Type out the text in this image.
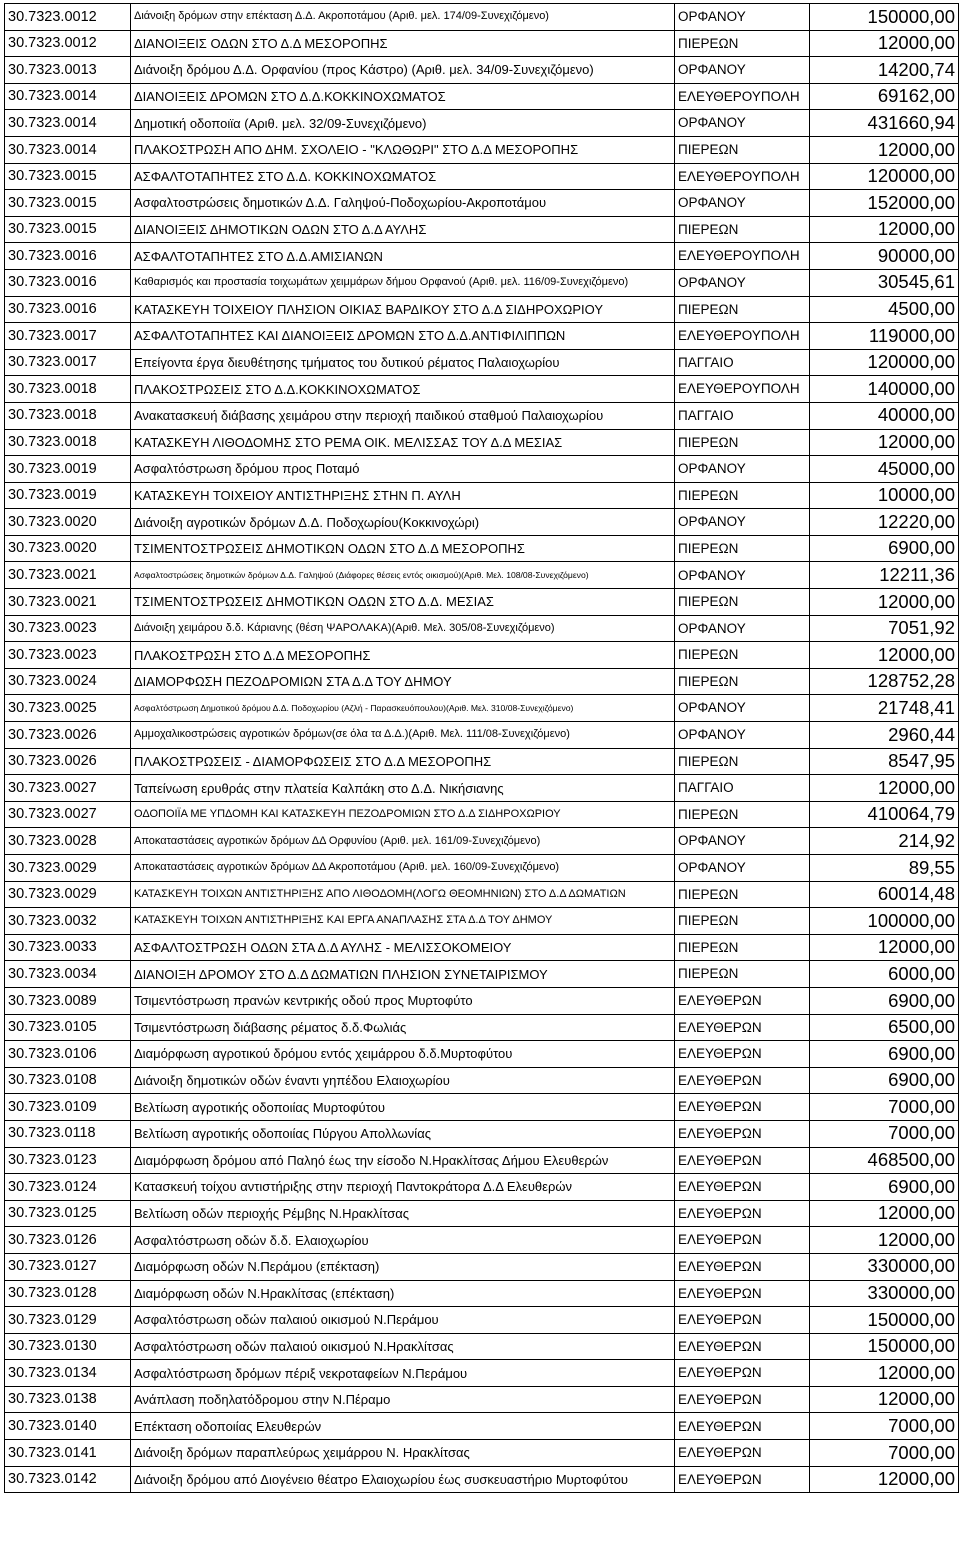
30.7323.0012	Διάνοιξη δρόμων στην επέκταση Δ.Δ. Ακροποτάμου (Αριθ. μελ. 174/09-Συνεχιζόμενο)	ΟΡΦΑΝΟΥ	150000,00
30.7323.0012	ΔΙΑΝΟΙΞΕΙΣ ΟΔΩΝ ΣΤΟ Δ.Δ ΜΕΣΟΡΟΠΗΣ	ΠΙΕΡΕΩΝ	12000,00
30.7323.0013	Διάνοιξη δρόμου Δ.Δ. Ορφανίου (προς Κάστρο) (Αριθ. μελ. 34/09-Συνεχιζόμενο)	ΟΡΦΑΝΟΥ	14200,74
30.7323.0014	ΔΙΑΝΟΙΞΕΙΣ ΔΡΟΜΩΝ ΣΤΟ Δ.Δ.ΚΟΚΚΙΝΟΧΩΜΑΤΟΣ	ΕΛΕΥΘΕΡΟΥΠΟΛΗ	69162,00
30.7323.0014	Δημοτική οδοποιϊα (Αριθ. μελ. 32/09-Συνεχιζόμενο)	ΟΡΦΑΝΟΥ	431660,94
30.7323.0014	ΠΛΑΚΟΣΤΡΩΣΗ ΑΠΟ ΔΗΜ. ΣΧΟΛΕΙΟ - "ΚΛΩΘΩΡΙ" ΣΤΟ Δ.Δ ΜΕΣΟΡΟΠΗΣ	ΠΙΕΡΕΩΝ	12000,00
30.7323.0015	ΑΣΦΑΛΤΟΤΑΠΗΤΕΣ ΣΤΟ Δ.Δ. ΚΟΚΚΙΝΟΧΩΜΑΤΟΣ	ΕΛΕΥΘΕΡΟΥΠΟΛΗ	120000,00
30.7323.0015	Ασφαλτοστρώσεις δημοτικών Δ.Δ. Γαληψού-Ποδοχωρίου-Ακροποτάμου	ΟΡΦΑΝΟΥ	152000,00
30.7323.0015	ΔΙΑΝΟΙΞΕΙΣ ΔΗΜΟΤΙΚΩΝ ΟΔΩΝ ΣΤΟ Δ.Δ ΑΥΛΗΣ	ΠΙΕΡΕΩΝ	12000,00
30.7323.0016	ΑΣΦΑΛΤΟΤΑΠΗΤΕΣ ΣΤΟ Δ.Δ.ΑΜΙΣΙΑΝΩΝ	ΕΛΕΥΘΕΡΟΥΠΟΛΗ	90000,00
30.7323.0016	Καθαρισμός και προστασία τοιχωμάτων χειμμάρων δήμου Ορφανού (Αριθ. μελ. 116/09-Συνεχιζόμενο)	ΟΡΦΑΝΟΥ	30545,61
30.7323.0016	ΚΑΤΑΣΚΕΥΗ ΤΟΙΧΕΙΟΥ ΠΛΗΣΙΟΝ ΟΙΚΙΑΣ ΒΑΡΔΙΚΟΥ ΣΤΟ Δ.Δ ΣΙΔΗΡΟΧΩΡΙΟΥ	ΠΙΕΡΕΩΝ	4500,00
30.7323.0017	ΑΣΦΑΛΤΟΤΑΠΗΤΕΣ ΚΑΙ ΔΙΑΝΟΙΞΕΙΣ ΔΡΟΜΩΝ ΣΤΟ Δ.Δ.ΑΝΤΙΦΙΛΙΠΠΩΝ	ΕΛΕΥΘΕΡΟΥΠΟΛΗ	119000,00
30.7323.0017	Επείγοντα έργα διευθέτησης τμήματος του δυτικού ρέματος Παλαιοχωρίου	ΠΑΓΓΑΙΟ	120000,00
30.7323.0018	ΠΛΑΚΟΣΤΡΩΣΕΙΣ ΣΤΟ Δ.Δ.ΚΟΚΚΙΝΟΧΩΜΑΤΟΣ	ΕΛΕΥΘΕΡΟΥΠΟΛΗ	140000,00
30.7323.0018	Ανακατασκευή διάβασης χειμάρου στην περιοχή παιδικού σταθμού Παλαιοχωρίου	ΠΑΓΓΑΙΟ	40000,00
30.7323.0018	ΚΑΤΑΣΚΕΥΗ ΛΙΘΟΔΟΜΗΣ ΣΤΟ ΡΕΜΑ ΟΙΚ. ΜΕΛΙΣΣΑΣ ΤΟΥ Δ.Δ ΜΕΣΙΑΣ	ΠΙΕΡΕΩΝ	12000,00
30.7323.0019	Ασφαλτόστρωση δρόμου προς Ποταμό	ΟΡΦΑΝΟΥ	45000,00
30.7323.0019	ΚΑΤΑΣΚΕΥΗ ΤΟΙΧΕΙΟΥ ΑΝΤΙΣΤΗΡΙΞΗΣ ΣΤΗΝ Π. ΑΥΛΗ	ΠΙΕΡΕΩΝ	10000,00
30.7323.0020	Διάνοιξη αγροτικών δρόμων Δ.Δ. Ποδοχωρίου(Κοκκινοχώρι)	ΟΡΦΑΝΟΥ	12220,00
30.7323.0020	ΤΣΙΜΕΝΤΟΣΤΡΩΣΕΙΣ ΔΗΜΟΤΙΚΩΝ ΟΔΩΝ ΣΤΟ Δ.Δ ΜΕΣΟΡΟΠΗΣ	ΠΙΕΡΕΩΝ	6900,00
30.7323.0021	Ασφαλτοστρώσεις δημοτικών δρόμων Δ.Δ. Γαληψού (Διάφορες θέσεις εντός οικισμού)(Αριθ. Μελ. 108/08-Συνεχιζόμενο)	ΟΡΦΑΝΟΥ	12211,36
30.7323.0021	ΤΣΙΜΕΝΤΟΣΤΡΩΣΕΙΣ ΔΗΜΟΤΙΚΩΝ ΟΔΩΝ ΣΤΟ Δ.Δ. ΜΕΣΙΑΣ	ΠΙΕΡΕΩΝ	12000,00
30.7323.0023	Διάνοιξη χειμάρου δ.δ. Κάριανης (θέση ΨΑΡΟΛΑΚΑ)(Αριθ. Μελ. 305/08-Συνεχιζόμενο)	ΟΡΦΑΝΟΥ	7051,92
30.7323.0023	ΠΛΑΚΟΣΤΡΩΣΗ ΣΤΟ Δ.Δ ΜΕΣΟΡΟΠΗΣ	ΠΙΕΡΕΩΝ	12000,00
30.7323.0024	ΔΙΑΜΟΡΦΩΣΗ ΠΕΖΟΔΡΟΜΙΩΝ ΣΤΑ Δ.Δ ΤΟΥ ΔΗΜΟΥ	ΠΙΕΡΕΩΝ	128752,28
30.7323.0025	Ασφαλτόστρωση Δημοτικού δρόμου Δ.Δ. Ποδοχωρίου (Αζλή - Παρασκευόπουλου)(Αριθ. Μελ. 310/08-Συνεχιζόμενο)	ΟΡΦΑΝΟΥ	21748,41
30.7323.0026	Αμμοχαλικοστρώσεις αγροτικών δρόμων(σε όλα τα Δ.Δ.)(Αριθ. Μελ. 111/08-Συνεχιζόμενο)	ΟΡΦΑΝΟΥ	2960,44
30.7323.0026	ΠΛΑΚΟΣΤΡΩΣΕΙΣ - ΔΙΑΜΟΡΦΩΣΕΙΣ ΣΤΟ Δ.Δ ΜΕΣΟΡΟΠΗΣ	ΠΙΕΡΕΩΝ	8547,95
30.7323.0027	Ταπείνωση ερυθράς στην πλατεία Καλπάκη στο Δ.Δ. Νικήσιανης	ΠΑΓΓΑΙΟ	12000,00
30.7323.0027	ΟΔΟΠΟΙΪΑ ΜΕ ΥΠΔΟΜΗ ΚΑΙ ΚΑΤΑΣΚΕΥΗ ΠΕΖΟΔΡΟΜΙΩΝ ΣΤΟ Δ.Δ ΣΙΔΗΡΟΧΩΡΙΟΥ	ΠΙΕΡΕΩΝ	410064,79
30.7323.0028	Αποκαταστάσεις αγροτικών δρόμων ΔΔ Ορφυνίου (Αριθ. μελ. 161/09-Συνεχιζόμενο)	ΟΡΦΑΝΟΥ	214,92
30.7323.0029	Αποκαταστάσεις αγροτικών δρόμων ΔΔ Ακροποτάμου (Αριθ. μελ. 160/09-Συνεχιζόμενο)	ΟΡΦΑΝΟΥ	89,55
30.7323.0029	ΚΑΤΑΣΚΕΥΗ ΤΟΙΧΩΝ ΑΝΤΙΣΤΗΡΙΞΗΣ ΑΠΟ ΛΙΘΟΔΟΜΗ(ΛΟΓΩ ΘΕΟΜΗΝΙΩΝ) ΣΤΟ Δ.Δ ΔΩΜΑΤΙΩΝ	ΠΙΕΡΕΩΝ	60014,48
30.7323.0032	ΚΑΤΑΣΚΕΥΗ ΤΟΙΧΩΝ ΑΝΤΙΣΤΗΡΙΞΗΣ ΚΑΙ ΕΡΓΑ ΑΝΑΠΛΑΣΗΣ ΣΤΑ Δ.Δ ΤΟΥ ΔΗΜΟΥ	ΠΙΕΡΕΩΝ	100000,00
30.7323.0033	ΑΣΦΑΛΤΟΣΤΡΩΣΗ ΟΔΩΝ ΣΤΑ Δ.Δ ΑΥΛΗΣ - ΜΕΛΙΣΣΟΚΟΜΕΙΟΥ	ΠΙΕΡΕΩΝ	12000,00
30.7323.0034	ΔΙΑΝΟΙΞΗ ΔΡΟΜΟΥ ΣΤΟ Δ.Δ ΔΩΜΑΤΙΩΝ ΠΛΗΣΙΟΝ ΣΥΝΕΤΑΙΡΙΣΜΟΥ	ΠΙΕΡΕΩΝ	6000,00
30.7323.0089	Τσιμεντόστρωση πρανών κεντρικής οδού προς Μυρτοφύτο	ΕΛΕΥΘΕΡΩΝ	6900,00
30.7323.0105	Τσιμεντόστρωση διάβασης ρέματος δ.δ.Φωλιάς	ΕΛΕΥΘΕΡΩΝ	6500,00
30.7323.0106	Διαμόρφωση αγροτικού δρόμου εντός χειμάρρου δ.δ.Μυρτοφύτου	ΕΛΕΥΘΕΡΩΝ	6900,00
30.7323.0108	Διάνοιξη δημοτικών οδών έναντι γηπέδου Ελαιοχωρίου	ΕΛΕΥΘΕΡΩΝ	6900,00
30.7323.0109	Βελτίωση αγροτικής οδοποιίας Μυρτοφύτου	ΕΛΕΥΘΕΡΩΝ	7000,00
30.7323.0118	Βελτίωση αγροτικής οδοποιίας Πύργου Απολλωνίας	ΕΛΕΥΘΕΡΩΝ	7000,00
30.7323.0123	Διαμόρφωση δρόμου από Παληό έως την είσοδο Ν.Ηρακλίτσας Δήμου Ελευθερών	ΕΛΕΥΘΕΡΩΝ	468500,00
30.7323.0124	Κατασκευή τοίχου αντιστήριξης στην περιοχή Παντοκράτορα Δ.Δ Ελευθερών	ΕΛΕΥΘΕΡΩΝ	6900,00
30.7323.0125	Βελτίωση οδών περιοχής Ρέμβης Ν.Ηρακλίτσας	ΕΛΕΥΘΕΡΩΝ	12000,00
30.7323.0126	Ασφαλτόστρωση οδών δ.δ. Ελαιοχωρίου	ΕΛΕΥΘΕΡΩΝ	12000,00
30.7323.0127	Διαμόρφωση οδών Ν.Περάμου (επέκταση)	ΕΛΕΥΘΕΡΩΝ	330000,00
30.7323.0128	Διαμόρφωση οδών Ν.Ηρακλίτσας (επέκταση)	ΕΛΕΥΘΕΡΩΝ	330000,00
30.7323.0129	Ασφαλτόστρωση οδών παλαιού οικισμού Ν.Περάμου	ΕΛΕΥΘΕΡΩΝ	150000,00
30.7323.0130	Ασφαλτόστρωση οδών παλαιού οικισμού Ν.Ηρακλίτσας	ΕΛΕΥΘΕΡΩΝ	150000,00
30.7323.0134	Ασφαλτόστρωση δρόμων πέριξ νεκροταφείων Ν.Περάμου	ΕΛΕΥΘΕΡΩΝ	12000,00
30.7323.0138	Ανάπλαση ποδηλατόδρομου στην Ν.Πέραμο	ΕΛΕΥΘΕΡΩΝ	12000,00
30.7323.0140	Επέκταση οδοποιίας Ελευθερών	ΕΛΕΥΘΕΡΩΝ	7000,00
30.7323.0141	Διάνοιξη δρόμων παραπλεύρως χειμάρρου Ν. Ηρακλίτσας	ΕΛΕΥΘΕΡΩΝ	7000,00
30.7323.0142	Διάνοιξη δρόμου από Διογένειο θέατρο Ελαιοχωρίου έως συσκευαστήριο Μυρτοφύτου	ΕΛΕΥΘΕΡΩΝ	12000,00
